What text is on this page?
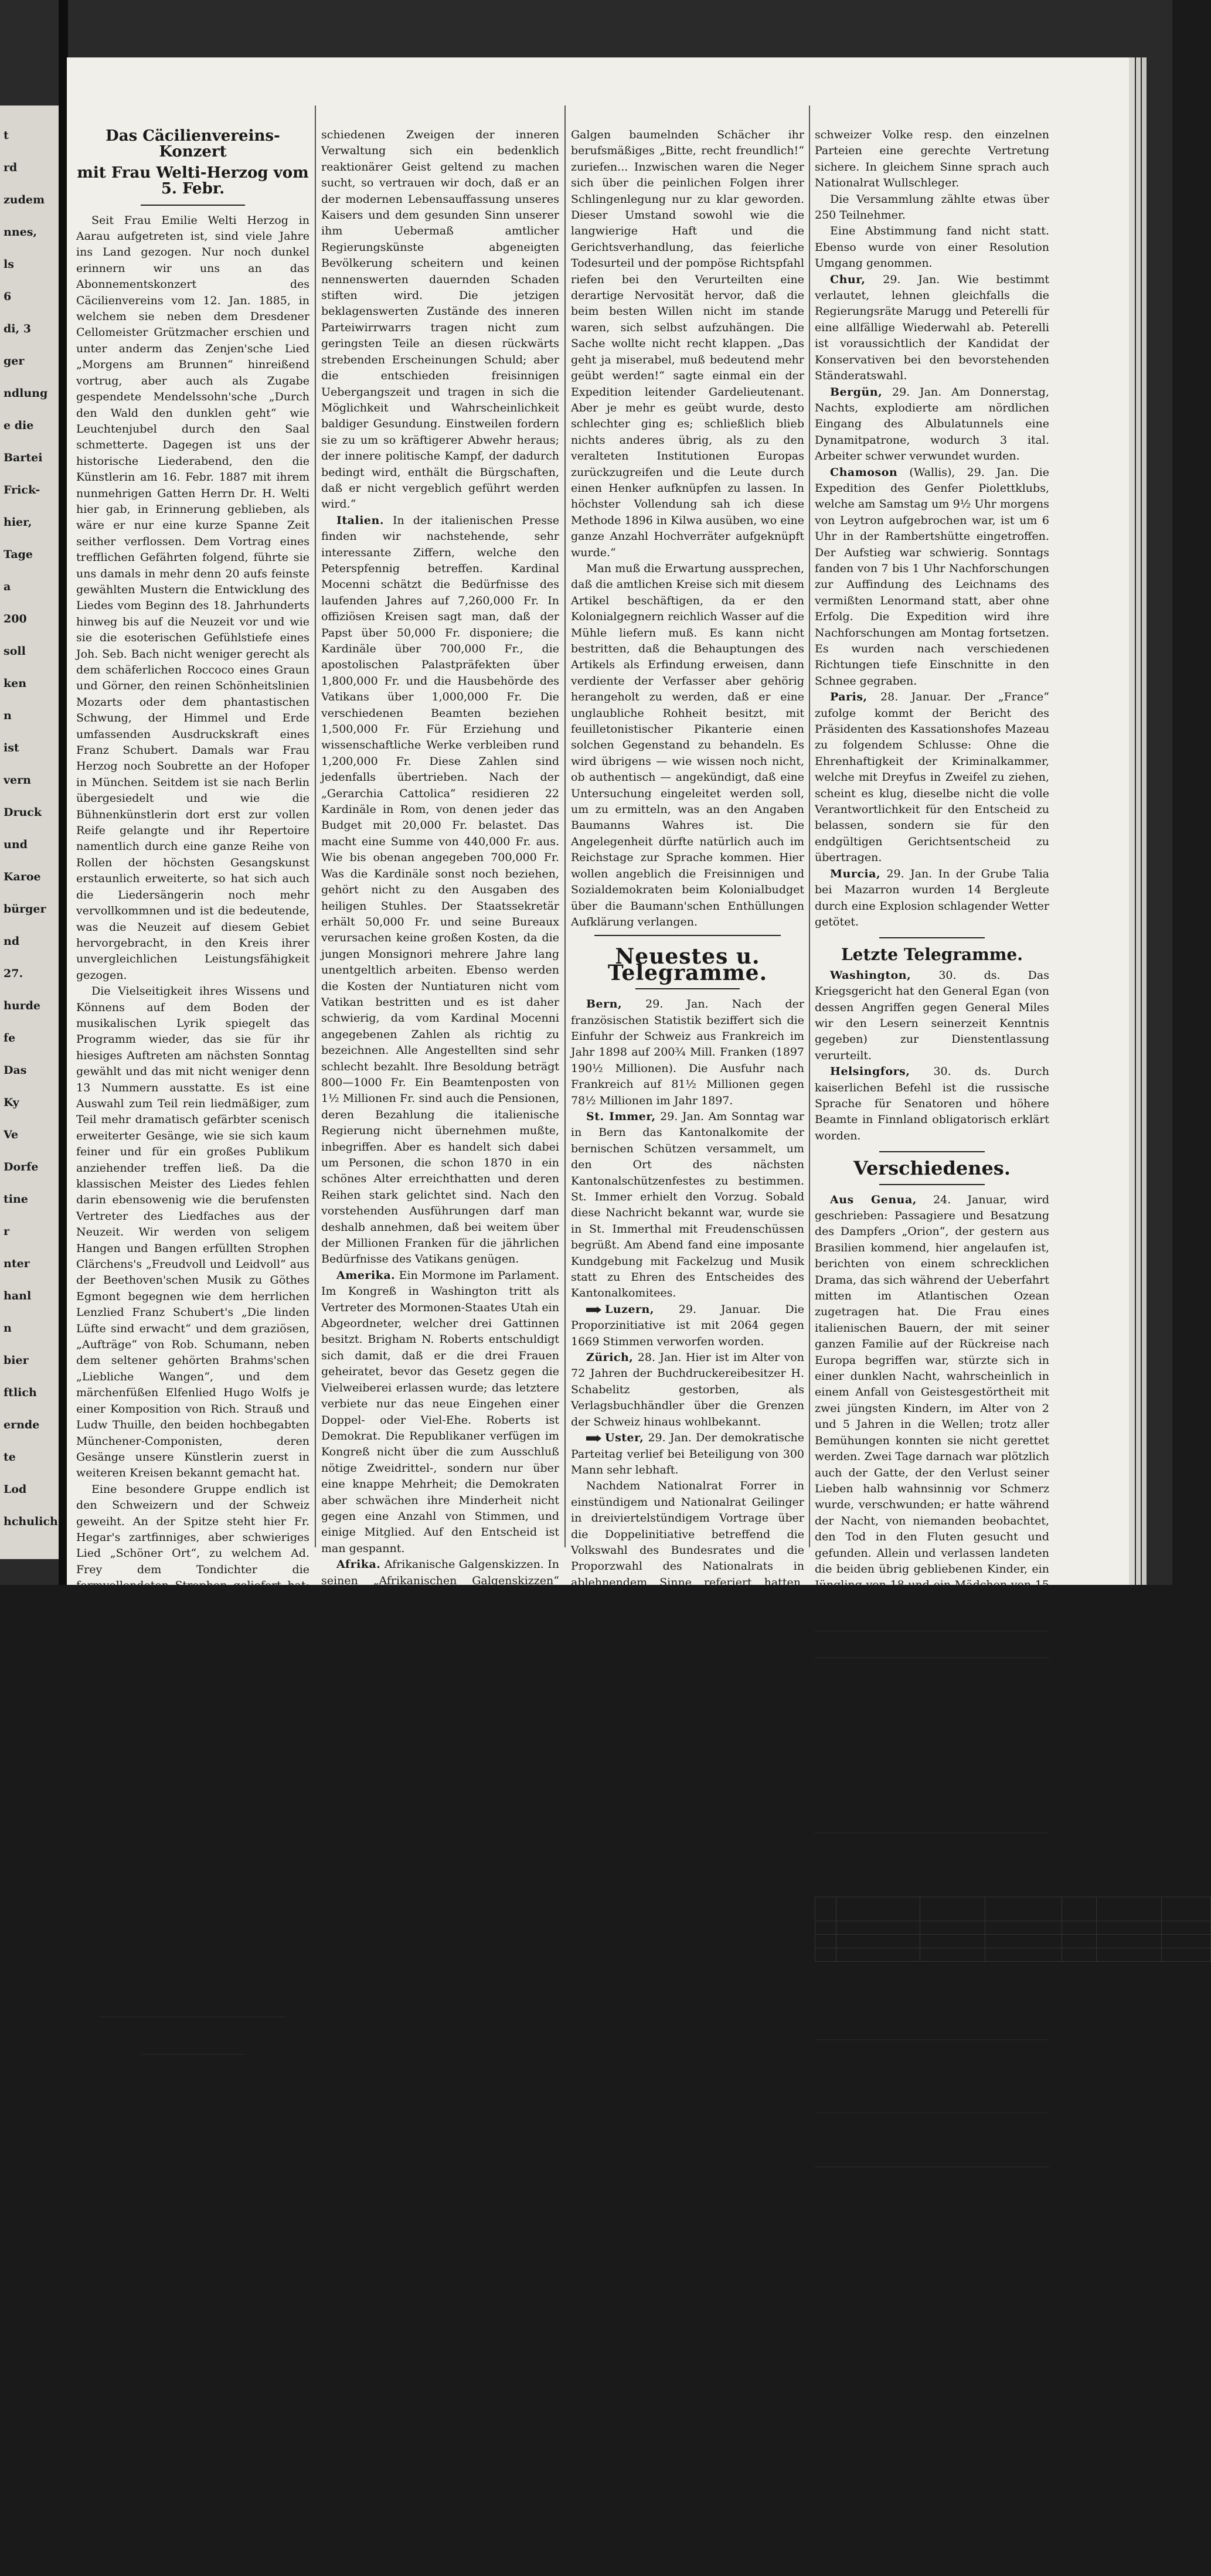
t
rd
zudem
nnes,
ls
6
di, 3
ger
ndlung
e die
Bartei
Frick-
hier,
Tage
a
200
soll
ken
n
ist
vern
Druck
und
Karoe
bürger
nd
27.
hurde
fe
Das
Ky
Ve
Dorfe
tine
r
nter
hanl
n
bier
ftlich
ernde
te
Lod
hchulich
Das Cäcilienvereins-Konzert
mit Frau Welti-Herzog vom 5. Febr.

Seit Frau Emilie Welti Herzog in Aarau aufgetreten ist, sind viele Jahre ins Land gezogen. Nur noch dunkel erinnern wir uns an das Abonnementskonzert des Cäcilienvereins vom 12. Jan. 1885, in welchem sie neben dem Dresdener Cellomeister Grützmacher erschien und unter anderm das Zenjen'sche Lied „Morgens am Brunnen“ hinreißend vortrug, aber auch als Zugabe gespendete Mendelssohn'sche „Durch den Wald den dunklen geht“ wie Leuchtenjubel durch den Saal schmetterte. Dagegen ist uns der historische Liederabend, den die Künstlerin am 16. Febr. 1887 mit ihrem nunmehrigen Gatten Herrn Dr. H. Welti hier gab, in Erinnerung geblieben, als wäre er nur eine kurze Spanne Zeit seither verflossen. Dem Vortrag eines trefflichen Gefährten folgend, führte sie uns damals in mehr denn 20 aufs feinste gewählten Mustern die Entwicklung des Liedes vom Beginn des 18. Jahrhunderts hinweg bis auf die Neuzeit vor und wie sie die esoterischen Gefühlstiefe eines Joh. Seb. Bach nicht weniger gerecht als dem schäferlichen Roccoco eines Graun und Görner, den reinen Schönheitslinien Mozarts oder dem phantastischen Schwung, der Himmel und Erde umfassenden Ausdruckskraft eines Franz Schubert. Damals war Frau Herzog noch Soubrette an der Hofoper in München. Seitdem ist sie nach Berlin übergesiedelt und wie die Bühnenkünstlerin dort erst zur vollen Reife gelangte und ihr Repertoire namentlich durch eine ganze Reihe von Rollen der höchsten Gesangskunst erstaunlich erweiterte, so hat sich auch die Liedersängerin noch mehr vervollkommnen und ist die bedeutende, was die Neuzeit auf diesem Gebiet hervorgebracht, in den Kreis ihrer unvergleichlichen Leistungsfähigkeit gezogen.

Die Vielseitigkeit ihres Wissens und Könnens auf dem Boden der musikalischen Lyrik spiegelt das Programm wieder, das sie für ihr hiesiges Auftreten am nächsten Sonntag gewählt und das mit nicht weniger denn 13 Nummern ausstatte. Es ist eine Auswahl zum Teil rein liedmäßiger, zum Teil mehr dramatisch gefärbter scenisch erweiterter Gesänge, wie sie sich kaum feiner und für ein großes Publikum anziehender treffen ließ. Da die klassischen Meister des Liedes fehlen darin ebensowenig wie die berufensten Vertreter des Liedfaches aus der Neuzeit. Wir werden von seligem Hangen und Bangen erfüllten Strophen Clärchens's „Freudvoll und Leidvoll“ aus der Beethoven'schen Musik zu Göthes Egmont begegnen wie dem herrlichen Lenzlied Franz Schubert's „Die linden Lüfte sind erwacht“ und dem graziösen, „Aufträge“ von Rob. Schumann, neben dem seltener gehörten Brahms'schen „Liebliche Wangen“, und dem märchenfüßen Elfenlied Hugo Wolfs je einer Komposition von Rich. Strauß und Ludw Thuille, den beiden hochbegabten Münchener-Componisten, deren Gesänge unsere Künstlerin zuerst in weiteren Kreisen bekannt gemacht hat.

Eine besondere Gruppe endlich ist den Schweizern und der Schweiz geweiht. An der Spitze steht hier Fr. Hegar's zartfinniges, aber schwieriges Lied „Schöner Ort“, zu welchem Ad. Frey dem Tondichter die formvollendeten Strophen geliefert hat; ihm folgen 2 Lieder Fritz Niggli's, dessen Mitwirkung die Sängerin bereits zugesagt hat, „Erster Schnee“ (Gedicht von Gottfr. Keller) und „Die Einsame“ aus Ad. Frey's „Duß und 'underm Räfe“, und den Schluß macht das Göthe Franz'sche „Ufem Bergli bin ich g'säße“.

So verspricht das Konzert nach allen Richtungen hin vielen Musikfreunden einen außerlesenen Genuß und freudigt begrüßen wir die Künstlerin mit den Versen, die Paul Heyse ihr entgegenrief, als sie nach ihrer Ueberfiedlung nach Berlin die Münchener-Freunden ihren ersten Besuch ankündigte:

„Und sieh, da kommt ein Blatt geflogen

Vom Norden her, das sagt uns an:

Sie naht, von Sehnsucht hergezogen

Und wieder singen wird sie dann

Die liebsten Lieder, all die süßen,

Die sie uns sang in's Herz hinein.

O Sängerin, mit frohen Grüßen

Sollst Du bei uns empfangen sein!“ A. N.

Ausland.

Deutschland. Der Kaiser hat am 27. ds. sein vierzigstes Lebensjahr vollendet. Es sind sich nicht lauter freudige Gefühle, mit denen Deutschland den Geburtstag seines Monarchen begeht. Die „Köln. Zeitung“ nimmt den Anlaße einen Artikel, in dem sie hervorhebt, daß die Reichsregierung mit ihrer großen Tätigkeit des Kaisers alles Lob gezollt worden sei, der aber gleichzeitig dem Mißbehagen Ausdruck verleiht, das sich in unverdächtig „reichstreuen“ Kreisen über die gegenwärtige innere Politik herrscht, und in einer Schlußsatz eine indirekte Aufforderung an den Kaiser enthält, sich den reaktionären Einflüssen nicht hingeben. Das rechtsliberale Berliner Blatt schreibt: „Der Fortschritt, der auf sozialpolitischem Gebiet seit dem Regierungsantritte des Kaisers erzielt ist, muß auch von solchen, denen noch nicht genug geschehen ist, anerkannt werden. Auch die Lage der Landwirtschaft hat sich in den letzten Jahren offensichtlich gebessert; die schweren Zeiten sind überstanden, und wir haben mehr die Quacksalberei der unverantwortlichen agrarischen Demagogen zu fürchten, die aber auch ihre Anziehungskraft auf die ausgewählten und irregeführten Volksmassen allmählich verloren.

schiedenen Zweigen der inneren Verwaltung sich ein bedenklich reaktionärer Geist geltend zu machen sucht, so vertrauen wir doch, daß er an der modernen Lebensauffassung unseres Kaisers und dem gesunden Sinn unserer ihm Uebermaß amtlicher Regierungskünste abgeneigten Bevölkerung scheitern und keinen nennenswerten dauernden Schaden stiften wird. Die jetzigen beklagenswerten Zustände des inneren Parteiwirrwarrs tragen nicht zum geringsten Teile an diesen rückwärts strebenden Erscheinungen Schuld; aber die entschieden freisinnigen Uebergangszeit und tragen in sich die Möglichkeit und Wahrscheinlichkeit baldiger Gesundung. Einstweilen fordern sie zu um so kräftigerer Abwehr heraus; der innere politische Kampf, der dadurch bedingt wird, enthält die Bürgschaften, daß er nicht vergeblich geführt werden wird.“

Italien. In der italienischen Presse finden wir nachstehende, sehr interessante Ziffern, welche den Peterspfennig betreffen. Kardinal Mocenni schätzt die Bedürfnisse des laufenden Jahres auf 7,260,000 Fr. In offiziösen Kreisen sagt man, daß der Papst über 50,000 Fr. disponiere; die Kardinäle über 700,000 Fr., die apostolischen Palastpräfekten über 1,800,000 Fr. und die Hausbehörde des Vatikans über 1,000,000 Fr. Die verschiedenen Beamten beziehen 1,500,000 Fr. Für Erziehung und wissenschaftliche Werke verbleiben rund 1,200,000 Fr. Diese Zahlen sind jedenfalls übertrieben. Nach der „Gerarchia Cattolica“ residieren 22 Kardinäle in Rom, von denen jeder das Budget mit 20,000 Fr. belastet. Das macht eine Summe von 440,000 Fr. aus. Wie bis obenan angegeben 700,000 Fr. Was die Kardinäle sonst noch beziehen, gehört nicht zu den Ausgaben des heiligen Stuhles. Der Staatssekretär erhält 50,000 Fr. und seine Bureaux verursachen keine großen Kosten, da die jungen Monsignori mehrere Jahre lang unentgeltlich arbeiten. Ebenso werden die Kosten der Nuntiaturen nicht vom Vatikan bestritten und es ist daher schwierig, da vom Kardinal Mocenni angegebenen Zahlen als richtig zu bezeichnen. Alle Angestellten sind sehr schlecht bezahlt. Ihre Besoldung beträgt 800—1000 Fr. Ein Beamtenposten von 1½ Millionen Fr. sind auch die Pensionen, deren Bezahlung die italienische Regierung nicht übernehmen mußte, inbegriffen. Aber es handelt sich dabei um Personen, die schon 1870 in ein schönes Alter erreichthatten und deren Reihen stark gelichtet sind. Nach den vorstehenden Ausführungen darf man deshalb annehmen, daß bei weitem über der Millionen Franken für die jährlichen Bedürfnisse des Vatikans genügen.

Amerika. Ein Mormone im Parlament. Im Kongreß in Washington tritt als Vertreter des Mormonen-Staates Utah ein Abgeordneter, welcher drei Gattinnen besitzt. Brigham N. Roberts entschuldigt sich damit, daß er die drei Frauen geheiratet, bevor das Gesetz gegen die Vielweiberei erlassen wurde; das letztere verbiete nur das neue Eingehen einer Doppel- oder Viel-Ehe. Roberts ist Demokrat. Die Republikaner verfügen im Kongreß nicht über die zum Ausschluß nötige Zweidrittel-, sondern nur über eine knappe Mehrheit; die Demokraten aber schwächen ihre Minderheit nicht gegen eine Anzahl von Stimmen, und einige Mitglied. Auf den Entscheid ist man gespannt.

Afrika. Afrikanische Galgenskizzen. In seinen „Afrikanischen Galgenskizzen“ erzählt Dr. Baumann in unglaublich frivoler, cynischer Weise über das Hängen in Afrika wie folgt: „Das Hängen ist keine einheimische, afrikanische Sitte, sondern gehört zu jenen Segnungen, die den Afrikanern durch die europäische Civilisation gebracht wurden. Systematisch wurde das Hängen aber erst durch die moderne Kolonialpolitik eingeführt. Ein ungemein günstiges Studienfeld bot Deutsch-Ostafrika zur Zeit des Araberaufstandes; da waren, da passende Delinquenten stets in größerer Zahl vorhanden waren, sondern auch weil diese Gegend eine so hervorragende Qualifikation für den Galgen hatten, daß man mit großer Lust und Liebe sich an die Aufgabe herantrat. Die Strafe des Hängens gab dann das eingehende Studium den leitenden Kreise. Diesen war es zu verdanken, daß diese Methode eine auffallende Tatsache zeigte; man verwendet das Hängen in Afrika weit mehr als in Europa. Anfangs war die Ausführung freilich nur primitiv.

Der Vorgang in der Aufstandszeit war etwa der folgende: Sobald eine geeignete Persönlichkeit in einem Sklavenjäger, Insurgenten oder ähnlichem gefunden und die üblichen Formalitäten, wie Kriegsgericht und Todesurteil, erledigt waren, begab sich der leitende Kreis, die schönen Nachmittag zu einem Spaziergang in's benachbarte Wäldchen. Dort wurde ein passender Baum mit hervorstehendem Ast ausgewählt, eine Schlinge an diesem befestigt und unter eine Anzahl leere Bierkisten aufgebaut, woran im bierfrohen Deutsch-Ostafrika nie ein Mangel war. Sodann wurde der Delinquent herbeigebracht, auf die Bierkisten gestellt und, mit Ausnahme des Delinquenten, trat man dann den Heimweg an, um neue Bierkisten für künftige Fälle leer zu machen. So war es auch in alten Zeit oder vor etwa zehn Jahren; der die Verfeinerung der Sitten dem Galgen zu Gute kam, wer wollte es bestreiten, der sich doch das plötzliche Aufmarschieren der Jurisprudenz am fernen Ufern des indischen Ozeans, und die damit verbundene Einführung der Gerichte, was die Verhältnisse etwas schwieriger gestaltete. Bald kamen mit der europäischen Ueberlieferung bestehenden Juristen auch die bisherige Hängeweise mehr dem Feuer.

Die Hinrichtungen bekamen ein immer moderneres Gepräge, selbst Amateur- und Berufsphotographen fanden sich dabei ein und als Galgen

Galgen baumelnden Schächer ihr berufsmäßiges „Bitte, recht freundlich!“ zuriefen... Inzwischen waren die Neger sich über die peinlichen Folgen ihrer Schlingenlegung nur zu klar geworden. Dieser Umstand sowohl wie die langwierige Haft und die Gerichtsverhandlung, das feierliche Todesurteil und der pompöse Richtspfahl riefen bei den Verurteilten eine derartige Nervosität hervor, daß die beim besten Willen nicht im stande waren, sich selbst aufzuhängen. Die Sache wollte nicht recht klappen. „Das geht ja miserabel, muß bedeutend mehr geübt werden!“ sagte einmal ein der Expedition leitender Gardelieutenant. Aber je mehr es geübt wurde, desto schlechter ging es; schließlich blieb nichts anderes übrig, als zu den veralteten Institutionen Europas zurückzugreifen und die Leute durch einen Henker aufknüpfen zu lassen. In höchster Vollendung sah ich diese Methode 1896 in Kilwa ausüben, wo eine ganze Anzahl Hochverräter aufgeknüpft wurde.“

Man muß die Erwartung aussprechen, daß die amtlichen Kreise sich mit diesem Artikel beschäftigen, da er den Kolonialgegnern reichlich Wasser auf die Mühle liefern muß. Es kann nicht bestritten, daß die Behauptungen des Artikels als Erfindung erweisen, dann verdiente der Verfasser aber gehörig herangeholt zu werden, daß er eine unglaubliche Rohheit besitzt, mit feuilletonistischer Pikanterie einen solchen Gegenstand zu behandeln. Es wird übrigens — wie wissen noch nicht, ob authentisch — angekündigt, daß eine Untersuchung eingeleitet werden soll, um zu ermitteln, was an den Angaben Baumanns Wahres ist. Die Angelegenheit dürfte natürlich auch im Reichstage zur Sprache kommen. Hier wollen angeblich die Freisinnigen und Sozialdemokraten beim Kolonialbudget über die Baumann'schen Enthüllungen Aufklärung verlangen.

Neuestes u. Telegramme.

Bern, 29. Jan. Nach der französischen Statistik beziffert sich die Einfuhr der Schweiz aus Frankreich im Jahr 1898 auf 200¾ Mill. Franken (1897 190½ Millionen). Die Ausfuhr nach Frankreich auf 81½ Millionen gegen 78½ Millionen im Jahr 1897.

St. Immer, 29. Jan. Am Sonntag war in Bern das Kantonalkomite der bernischen Schützen versammelt, um den Ort des nächsten Kantonalschützenfestes zu bestimmen. St. Immer erhielt den Vorzug. Sobald diese Nachricht bekannt war, wurde sie in St. Immerthal mit Freudenschüssen begrüßt. Am Abend fand eine imposante Kundgebung mit Fackelzug und Musik statt zu Ehren des Entscheides des Kantonalkomitees.

Luzern, 29. Januar. Die Proporzinitiative ist mit 2064 gegen 1669 Stimmen verworfen worden.

Zürich, 28. Jan. Hier ist im Alter von 72 Jahren der Buchdruckereibesitzer H. Schabelitz gestorben, als Verlagsbuchhändler über die Grenzen der Schweiz hinaus wohlbekannt.

Uster, 29. Jan. Der demokratische Parteitag verlief bei Beteiligung von 300 Mann sehr lebhaft.

Nachdem Nationalrat Forrer in einstündigem und Nationalrat Geilinger in dreiviertelstündigem Vortrage über die Doppelinitiative betreffend die Volkswahl des Bundesrates und die Proporzwahl des Nationalrats in ablehnendem Sinne referiert hatten, teilte Präsident Ausler mit, daß 40 bis 50 Mann des politischen Klubs Kempthal sich gegen freie Fahrt und Beköstigung verpflichtet hätten an der heutigen Versammlung teilzunehmen, daß die Aktiengesellschaft Maggi wegen ihrer Differenzen mit dem Bundesrat 2000 Fr. an die Kosten der Agitation für die Doppelinitiative ausgesetzt habe. Aus diesen Gründen schloß Ausler die Sozialdemokraten von der Debatte und Abstimmung aus und einem Appell an das Ehrgefühl der anwesenden Sozialdemokraten.

Für die Initiative sprachen Pfarrer Schuepp Namens der demokratischen und sozialdemokratischen Preßverbandes und Redaktor Knellwolff Namens des kantonalen Grütlivereins.

Der Präsident des politischen Klubs Kempthal konstatiert, daß ein Beitrag in der Höhe von 2000 Fr. für die Agitation nicht geleistet worden sei; die Mitglieder des Vereins seien jedoch für allfällige eigene Kosten gekommen zu der Erfüllung einer patriotischen Pflicht.

Präsident Ausler konstatiert, daß seine Angaben betr. der 2000 Fr. nicht in Abrede gestellt worden seien.

Es sprachen noch Nationalrat Heß gegen die Initiative und Dr. Huber, Winterthur, unter Opposition für dieselbe.

Bei der Abstimmung wurde die Volkswahl des Bundesrates mit 176 gegen 81, die Proporzwahl des Nationalrates mit 157 gegen 66 Stimmen abgelehnt.

Um 7 Uhr schloß Forrer den Tag mit einem Schlußwort, in welchem er sich gegen die aufgestellte Behauptung, daß er in der Bundesversammlung grobe Korruption herrsche, als eine niederträchtige Verleumdung protestiert.

Basel, 29. ds. In einer vom Parteikomite der sozialdemokratischen Partei Basel und dem schweizerischen Komite für die Doppelinitiative auf heute Nachmittag in die Burgvogtei einberufenen öffentlichen Versammlung referierte Nationalrat Theodor Curti, St. Gallen, über die Proporzwahl des Nationalrats und die Volkswahl des Bundesrats. Der Redner empfahl die Annahme der Doppelinitiative, welche einig dem

schweizer Volke resp. den einzelnen Parteien eine gerechte Vertretung sichere. In gleichem Sinne sprach auch Nationalrat Wullschleger.

Die Versammlung zählte etwas über 250 Teilnehmer.

Eine Abstimmung fand nicht statt. Ebenso wurde von einer Resolution Umgang genommen.

Chur, 29. Jan. Wie bestimmt verlautet, lehnen gleichfalls die Regierungsräte Marugg und Peterelli für eine allfällige Wiederwahl ab. Peterelli ist voraussichtlich der Kandidat der Konservativen bei den bevorstehenden Ständeratswahl.

Bergün, 29. Jan. Am Donnerstag, Nachts, explodierte am nördlichen Eingang des Albulatunnels eine Dynamitpatrone, wodurch 3 ital. Arbeiter schwer verwundet wurden.

Chamoson (Wallis), 29. Jan. Die Expedition des Genfer Piolettklubs, welche am Samstag um 9½ Uhr morgens von Leytron aufgebrochen war, ist um 6 Uhr in der Rambertshütte eingetroffen. Der Aufstieg war schwierig. Sonntags fanden von 7 bis 1 Uhr Nachforschungen zur Auffindung des Leichnams des vermißten Lenormand statt, aber ohne Erfolg. Die Expedition wird ihre Nachforschungen am Montag fortsetzen. Es wurden nach verschiedenen Richtungen tiefe Einschnitte in den Schnee gegraben.

Paris, 28. Januar. Der „France“ zufolge kommt der Bericht des Präsidenten des Kassationshofes Mazeau zu folgendem Schlusse: Ohne die Ehrenhaftigkeit der Kriminalkammer, welche mit Dreyfus in Zweifel zu ziehen, scheint es klug, dieselbe nicht die volle Verantwortlichkeit für den Entscheid zu belassen, sondern sie für den endgültigen Gerichtsentscheid zu übertragen.

Murcia, 29. Jan. In der Grube Talia bei Mazarron wurden 14 Bergleute durch eine Explosion schlagender Wetter getötet.

Letzte Telegramme.

Washington, 30. ds. Das Kriegsgericht hat den General Egan (von dessen Angriffen gegen General Miles wir den Lesern seinerzeit Kenntnis gegeben) zur Dienstentlassung verurteilt.

Helsingfors, 30. ds. Durch kaiserlichen Befehl ist die russische Sprache für Senatoren und höhere Beamte in Finnland obligatorisch erklärt worden.

Verschiedenes.

Aus Genua, 24. Januar, wird geschrieben: Passagiere und Besatzung des Dampfers „Orion“, der gestern aus Brasilien kommend, hier angelaufen ist, berichten von einem schrecklichen Drama, das sich während der Ueberfahrt mitten im Atlantischen Ozean zugetragen hat. Die Frau eines italienischen Bauern, der mit seiner ganzen Familie auf der Rückreise nach Europa begriffen war, stürzte sich in einer dunklen Nacht, wahrscheinlich in einem Anfall von Geistesgestörtheit mit zwei jüngsten Kindern, im Alter von 2 und 5 Jahren in die Wellen; trotz aller Bemühungen konnten sie nicht gerettet werden. Zwei Tage darnach war plötzlich auch der Gatte, der den Verlust seiner Lieben halb wahnsinnig vor Schmerz wurde, verschwunden; er hatte während der Nacht, von niemanden beobachtet, den Tod in den Fluten gesucht und gefunden. Allein und verlassen landeten die beiden übrig gebliebenen Kinder, ein Jüngling von 18 und ein Mädchen von 15 Jahren, in dem ihnen fremd gewordenen Vaterlande.

Redaktion: Dr. R. Widmann.
Ein Gang durch Indiens Litteratur.

Heute Montag 6 Uhr 12. Vortrag:

a) Drei berühmte Episoden aus dem Mahakharata: 1. Nal und Damayanti (übersetzt von Rückert); 2. Savitri oder der Triumph ehelicher Treue; 3. Sakuntala: Rezitation der ganzen Episode, übersetzt von Fr. v. Schack.

b) Das Ramayana, das populärste Kunstepos der Inder.

Meteorolog. Station im neuen Quartier
Aarau.
Jan.	Beobachtungszeit	Thermometer Celsius	Barometerstand im mm. Absol.	Reduc.	Windrichtung und Stärke	Witterung
29.	Mitt. 1 Uhr 30	—0,1	722,8	764,8	SW	bed.
29.	Abd. 9 Uhr 30	—2,1	722,7	759,7	SW	bed.
30.	Mrg. 7 Uhr 30	—1,6	722,9	764,8	SW	Schn

Angaben der beiden Extremthermometer während 24 Stunden abgelesen gestern Abend 9 Uhr 30 Min.

Minimum —3,0 °C. Maximum 0,0 °C.

Temperatur-Minimum der letzten Nacht —3,5 °C.

Niederschlag, gemessen heute früh 7 Uhr 30 Min. 0,7 mm.

Pegelstand der Aare
Jan. 29. Morgens 3,11 m
Mittags 3,09 m
Abends 3,09 m
Zürcher Witterungsaussichten vom 30. Januar.
Immer noch meist trüb bei leichtem Frost.
Abonnements
auf die
„Aargauer Nachrichten“

werden jederzeit entgegengenommen.

Die Gratisbeilage: „Aarauer Blätter“ wird von Nr. 1 an nachgeliefert.
